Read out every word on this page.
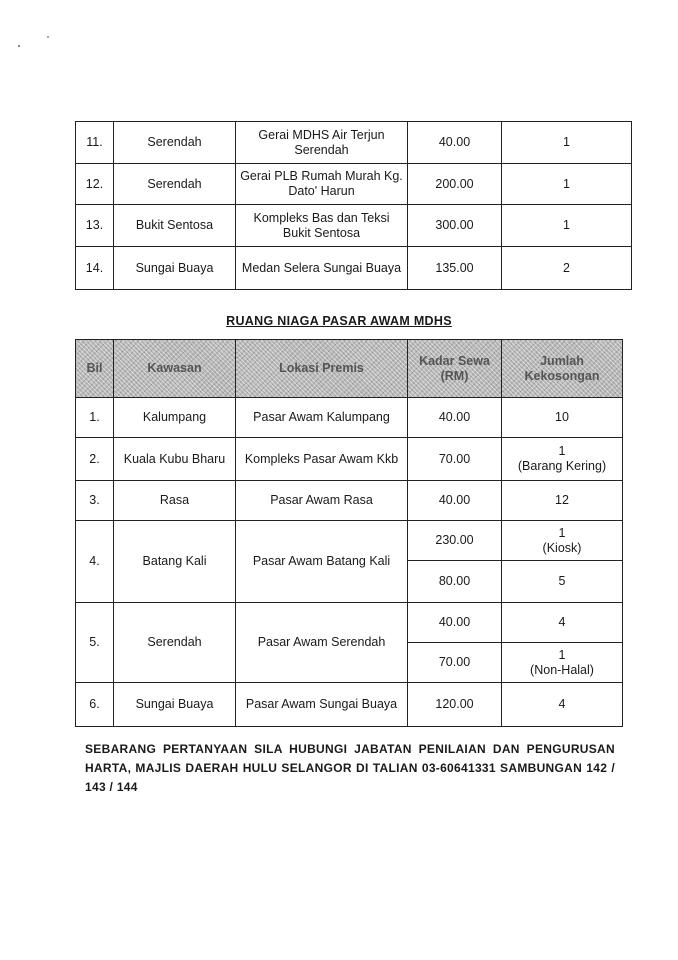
11.	Serendah	Gerai MDHS Air Terjun Serendah	40.00	1
12.	Serendah	Gerai PLB Rumah Murah Kg. Dato' Harun	200.00	1
13.	Bukit Sentosa	Kompleks Bas dan Teksi Bukit Sentosa	300.00	1
14.	Sungai Buaya	Medan Selera Sungai Buaya	135.00	2
RUANG NIAGA PASAR AWAM MDHS
Bil	Kawasan	Lokasi Premis	Kadar Sewa (RM)	Jumlah Kekosongan
1.	Kalumpang	Pasar Awam Kalumpang	40.00	10
2.	Kuala Kubu Bharu	Kompleks Pasar Awam Kkb	70.00	1
(Barang Kering)

3.	Rasa	Pasar Awam Rasa	40.00	12
4.	Batang Kali	Pasar Awam Batang Kali	230.00	1
(Kiosk)

			80.00	5
5.	Serendah	Pasar Awam Serendah	40.00	4
			70.00	1
(Non-Halal)

6.	Sungai Buaya	Pasar Awam Sungai Buaya	120.00	4
SEBARANG PERTANYAAN SILA HUBUNGI JABATAN PENILAIAN DAN PENGURUSAN HARTA, MAJLIS DAERAH HULU SELANGOR DI TALIAN 03-60641331 SAMBUNGAN 142 / 143 / 144
